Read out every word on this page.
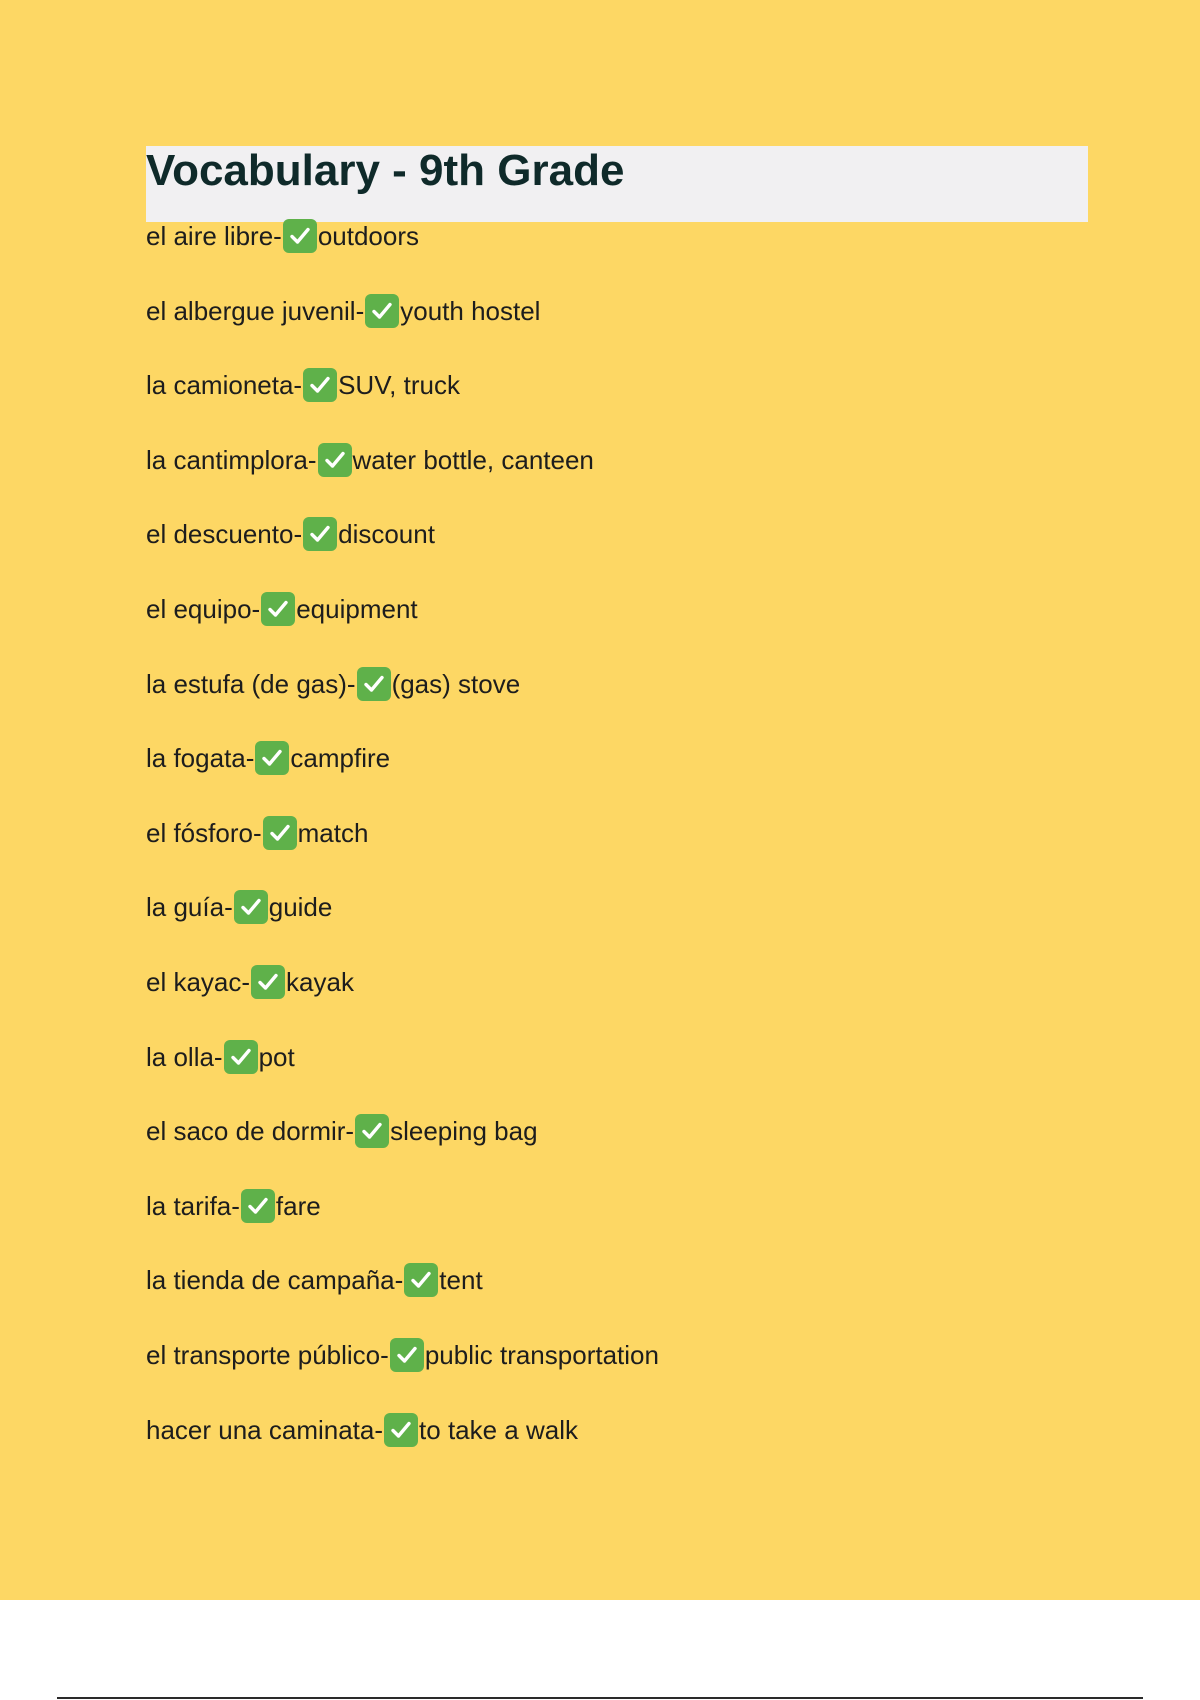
Vocabulary - 9th Grade
el aire libre- outdoors
el albergue juvenil- youth hostel
la camioneta- SUV, truck
la cantimplora- water bottle, canteen
el descuento- discount
el equipo- equipment
la estufa (de gas)- (gas) stove
la fogata- campfire
el fósforo- match
la guía- guide
el kayac- kayak
la olla- pot
el saco de dormir- sleeping bag
la tarifa- fare
la tienda de campaña- tent
el transporte público- public transportation
hacer una caminata- to take a walk
